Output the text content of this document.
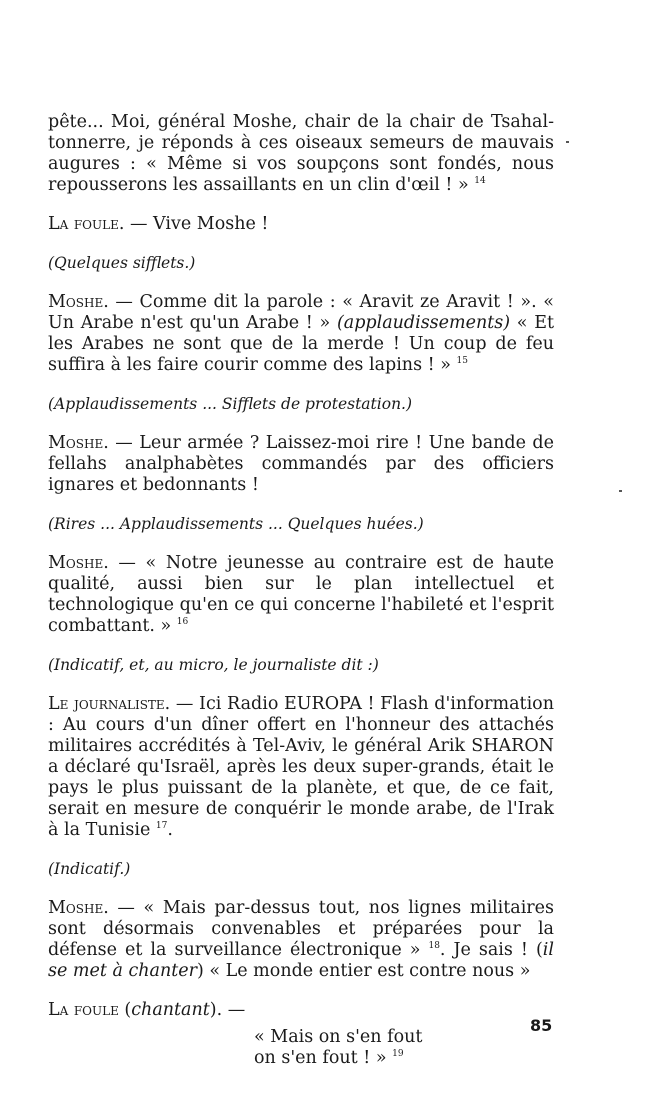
pête... Moi, général Moshe, chair de la chair de Tsahal-tonnerre, je réponds à ces oiseaux semeurs de mauvais augures : « Même si vos soupçons sont fondés, nous repousserons les assaillants en un clin d'œil ! » $^{14}$

La foule. — Vive Moshe !

(Quelques sifflets.)

Moshe. — Comme dit la parole : « Aravit ze Aravit ! ». « Un Arabe n'est qu'un Arabe ! » (applaudissements) « Et les Arabes ne sont que de la merde ! Un coup de feu suffira à les faire courir comme des lapins ! » $^{15}$

(Applaudissements ... Sifflets de protestation.)

Moshe. — Leur armée ? Laissez-moi rire ! Une bande de fellahs analphabètes commandés par des officiers ignares et bedonnants !

(Rires ... Applaudissements ... Quelques huées.)

Moshe. — « Notre jeunesse au contraire est de haute qualité, aussi bien sur le plan intellectuel et technologique qu'en ce qui concerne l'habileté et l'esprit combattant. » $^{16}$

(Indicatif, et, au micro, le journaliste dit :)

Le journaliste. — Ici Radio EUROPA ! Flash d'information : Au cours d'un dîner offert en l'honneur des attachés militaires accrédités à Tel-Aviv, le général Arik SHARON a déclaré qu'Israël, après les deux super-grands, était le pays le plus puissant de la planète, et que, de ce fait, serait en mesure de conquérir le monde arabe, de l'Irak à la Tunisie $^{17}$.

(Indicatif.)

Moshe. — « Mais par-dessus tout, nos lignes militaires sont désormais convenables et préparées pour la défense et la surveillance électronique » $^{18}$. Je sais ! (il se met à chanter) « Le monde entier est contre nous »

La foule (chantant). —

« Mais on s'en fout
on s'en fout ! » $^{19}$
85
